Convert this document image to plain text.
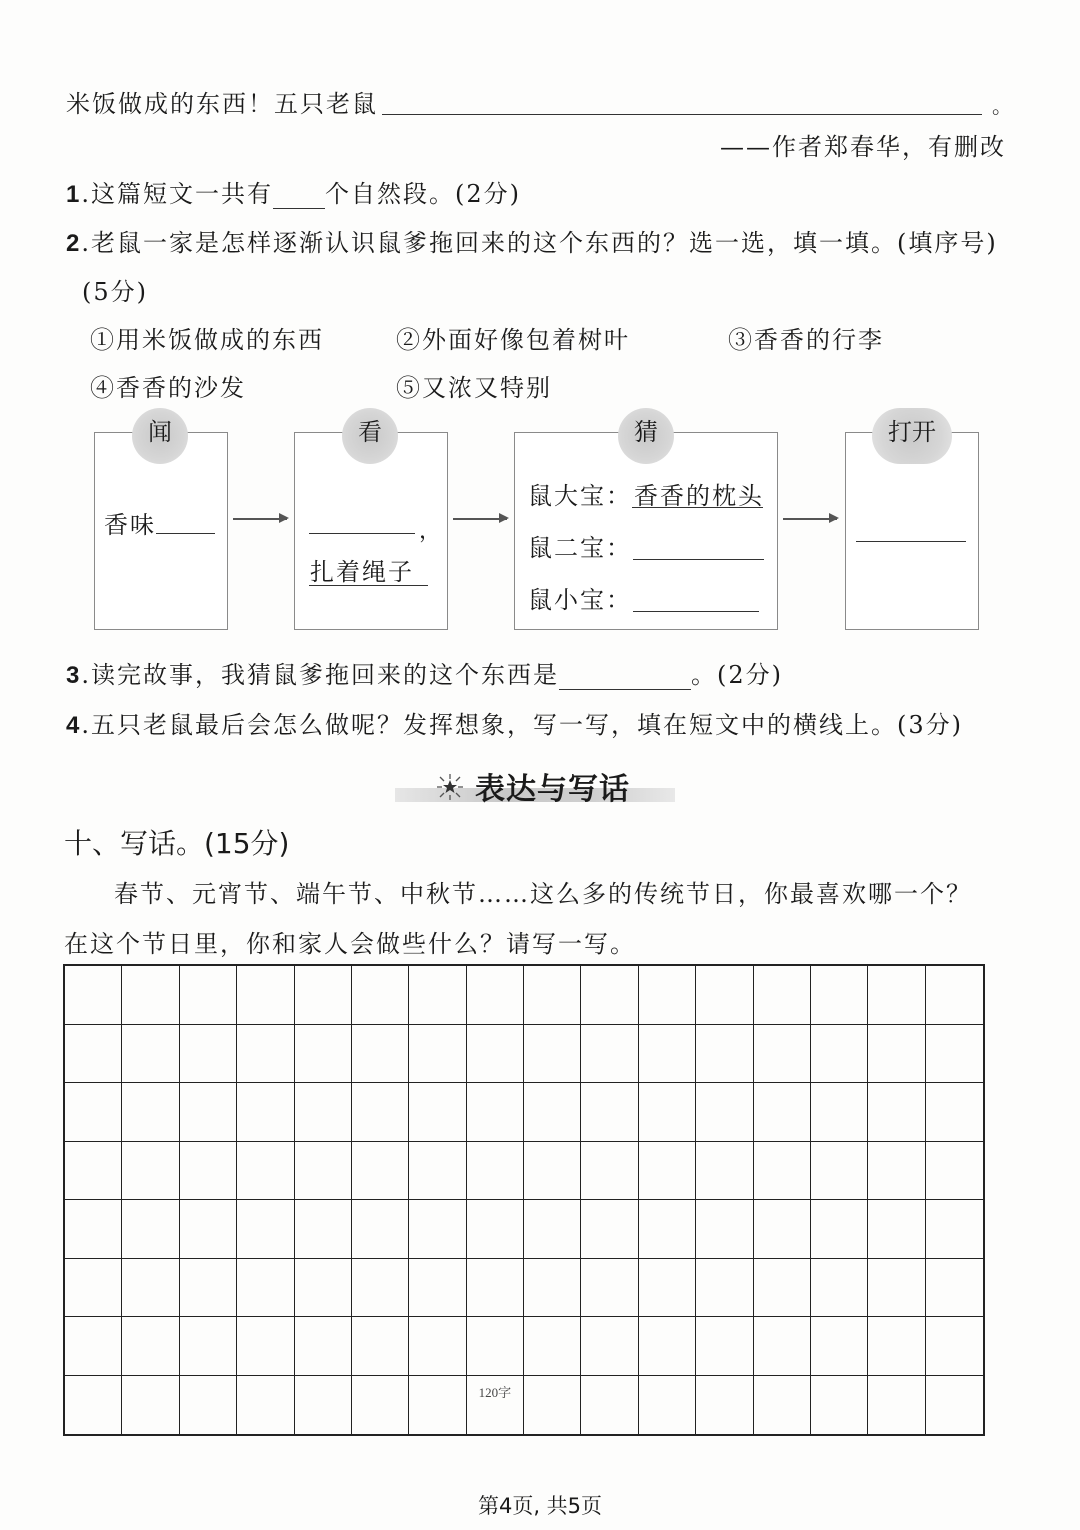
米饭做成的东西！五只老鼠	。
——作者郑春华，有删改
1.这篇短文一共有 个自然段。(2分)
2.老鼠一家是怎样逐渐认识鼠爹拖回来的这个东西的？选一选，填一填。(填序号)
(5分)
①用米饭做成的东西	②外面好像包着树叶	③香香的行李
④香香的沙发	⑤又浓又特别
闻
香味
看
，
扎着绳子
猜
鼠大宝： 香香的枕头
鼠二宝：
鼠小宝：
打开
3.读完故事，我猜鼠爹拖回来的这个东西是	。(2分)
4.五只老鼠最后会怎么做呢？发挥想象，写一写，填在短文中的横线上。(3分)
表达与写话
十、写话。(15分)
春节、元宵节、端午节、中秋节……这么多的传统节日，你最喜欢哪一个？
在这个节日里，你和家人会做些什么？请写一写。
120字
第4页, 共5页
